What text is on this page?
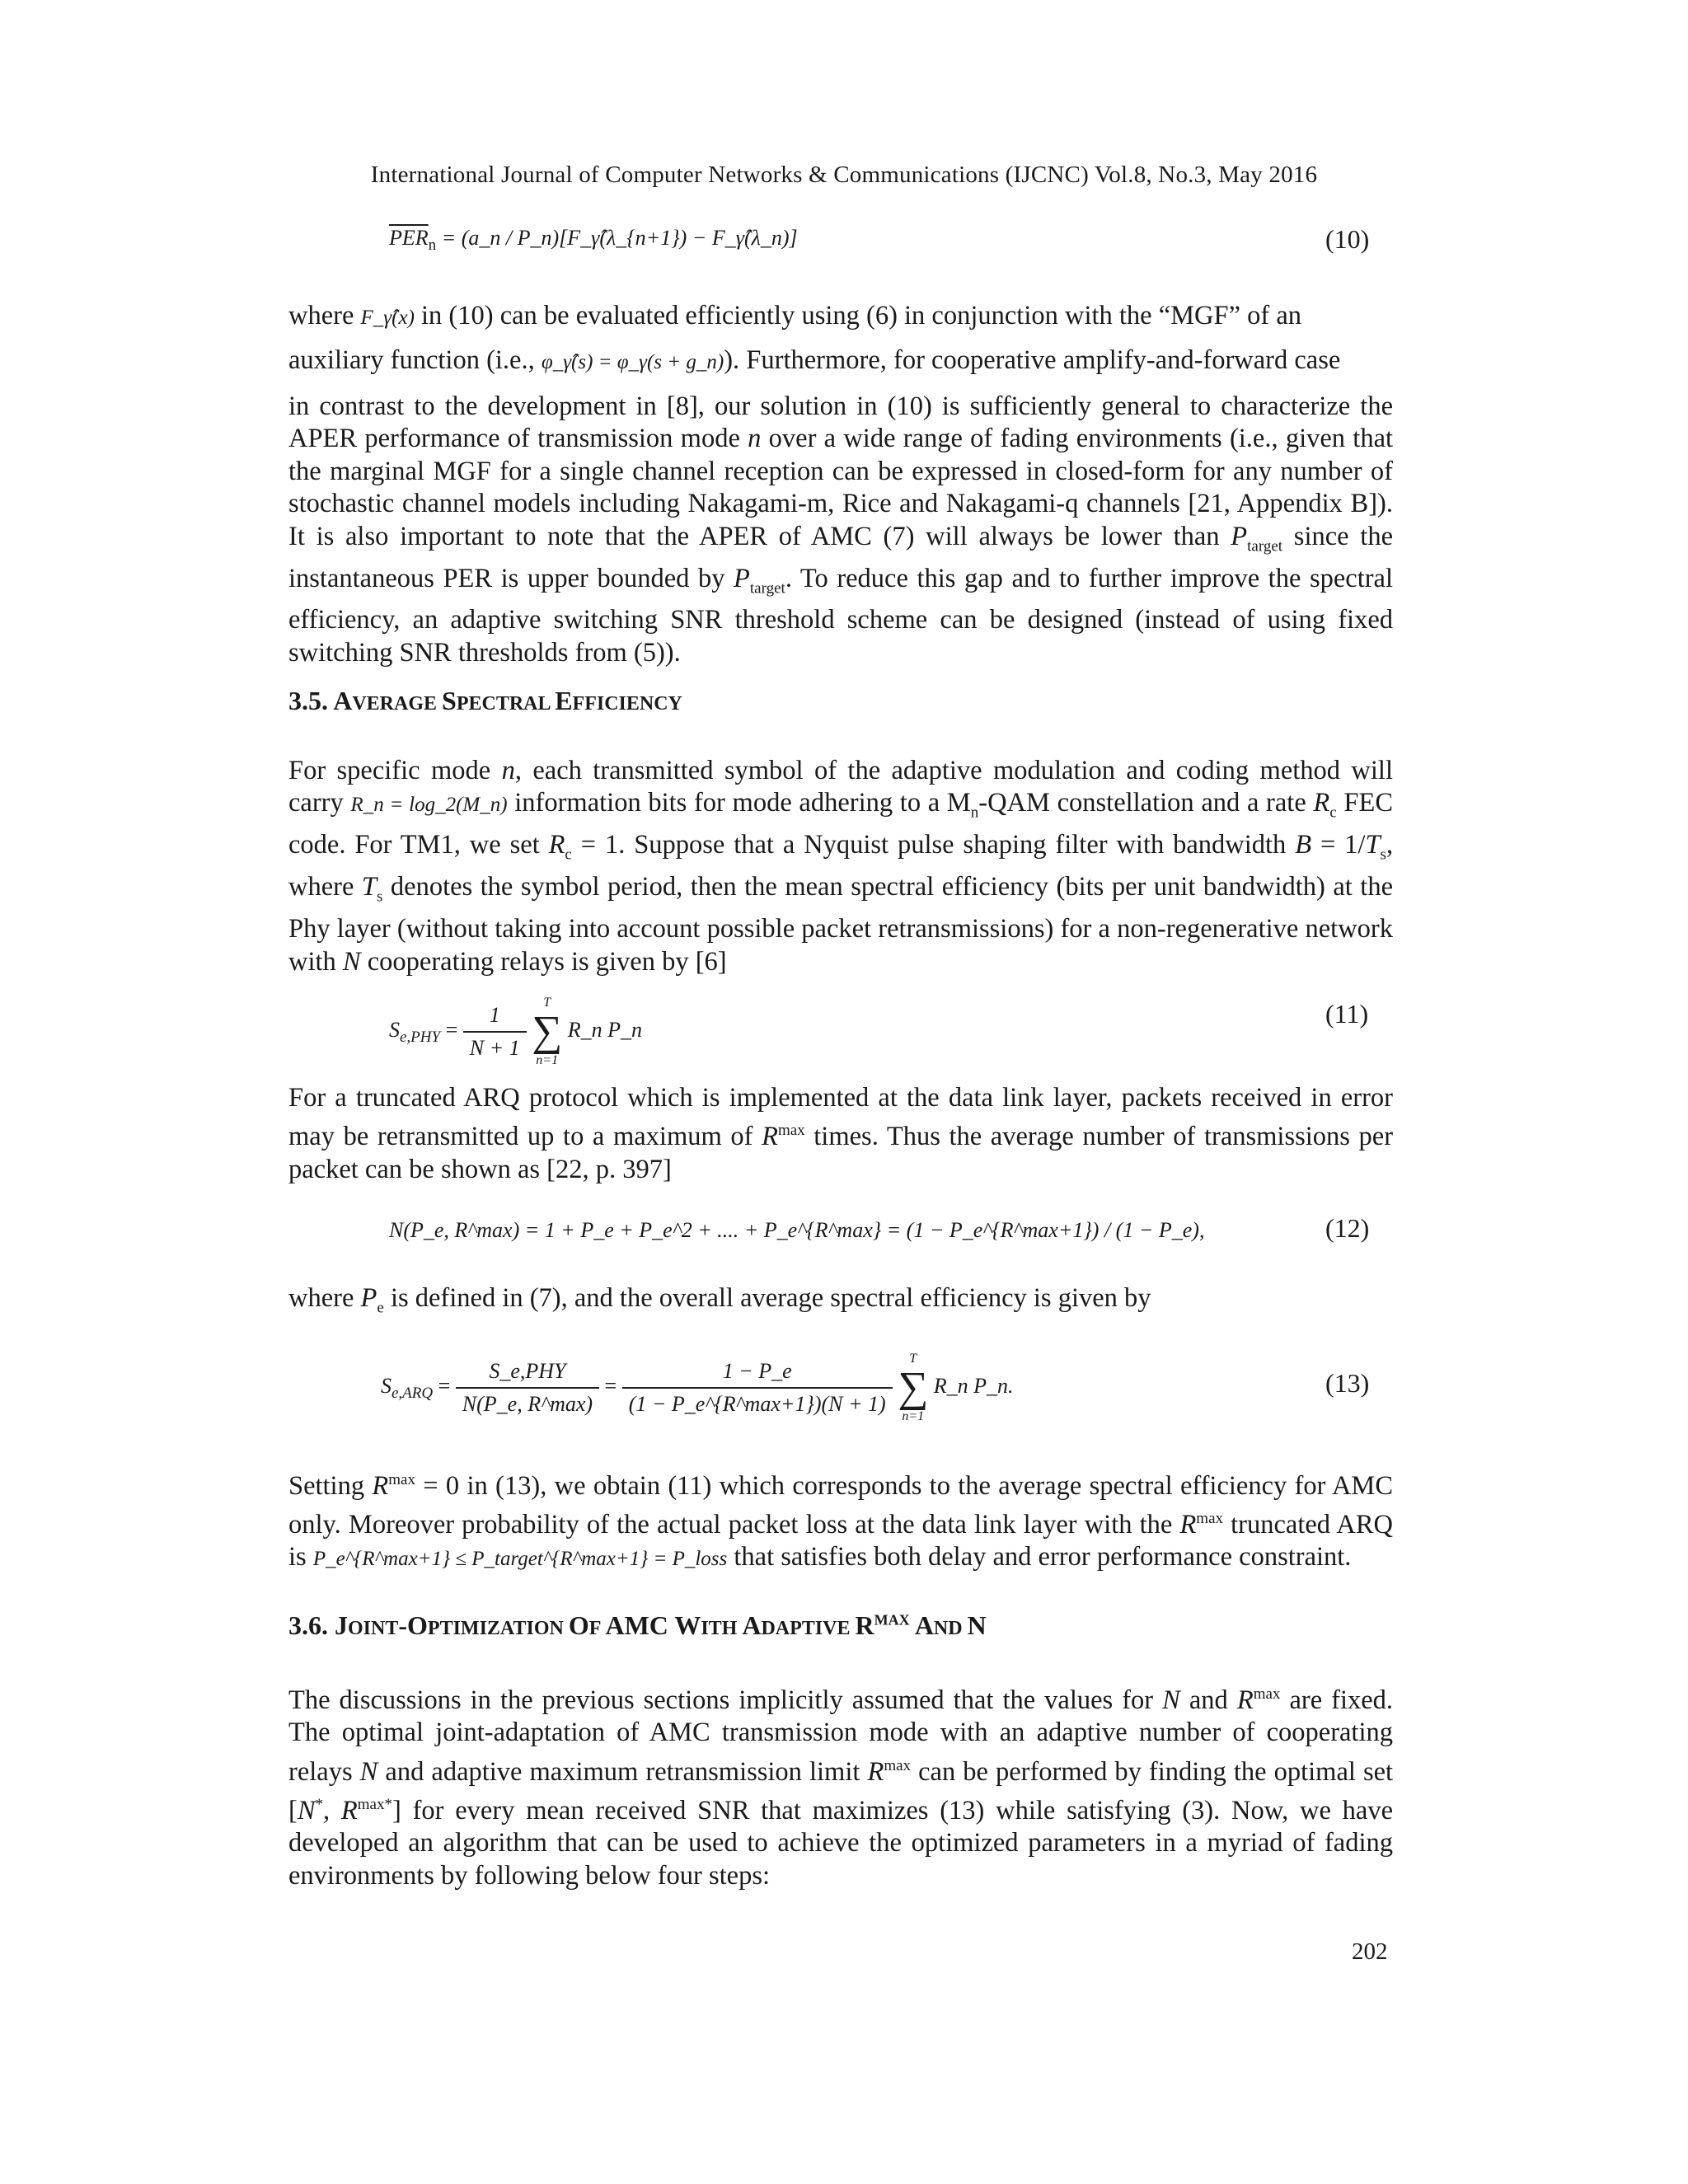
International Journal of Computer Networks & Communications (IJCNC) Vol.8, No.3, May 2016
$\overline{PER}_n$ = (a_n / P_n)[F_γ̂(λ_{n+1}) − F_γ̂(λ_n)]	(10)
where F_γ̂(x) in (10) can be evaluated efficiently using (6) in conjunction with the “MGF” of an
auxiliary function (i.e., φ_γ̂(s) = φ_γ(s + g_n)). Furthermore, for cooperative amplify-and-forward case
in contrast to the development in [8], our solution in (10) is sufficiently general to characterize the APER performance of transmission mode n over a wide range of fading environments (i.e., given that the marginal MGF for a single channel reception can be expressed in closed-form for any number of stochastic channel models including Nakagami-m, Rice and Nakagami-q channels [21, Appendix B]). It is also important to note that the APER of AMC (7) will always be lower than $P_{target}$ since the instantaneous PER is upper bounded by $P_{target}$. To reduce this gap and to further improve the spectral efficiency, an adaptive switching SNR threshold scheme can be designed (instead of using fixed switching SNR thresholds from (5)).
3.5. AVERAGE SPECTRAL EFFICIENCY
For specific mode n, each transmitted symbol of the adaptive modulation and coding method will carry R_n = log_2(M_n) information bits for mode adhering to a $M_n$-QAM constellation and a rate $R_c$ FEC code. For TM1, we set $R_c = 1$. Suppose that a Nyquist pulse shaping filter with bandwidth $B = 1/T_s$, where $T_s$ denotes the symbol period, then the mean spectral efficiency (bits per unit bandwidth) at the Phy layer (without taking into account possible packet retransmissions) for a non-regenerative network with N cooperating relays is given by [6]
$S_{e,PHY} = \frac{1}{N + 1}$

T
∑
n=1
R_n P_n
(11)
For a truncated ARQ protocol which is implemented at the data link layer, packets received in error may be retransmitted up to a maximum of $R^{max}$ times. Thus the average number of transmissions per packet can be shown as [22, p. 397]
N(P_e, R^max) = 1 + P_e + P_e^2 + .... + P_e^{R^max} = (1 − P_e^{R^max+1}) / (1 − P_e),	(12)
where $P_e$ is defined in (7), and the overall average spectral efficiency is given by
$S_{e,ARQ} = \frac{\text{S\_e,PHY}}{N(P\_e, R\^{}\max)} = \frac{1 - P\_e}{(1 - P\_e\^{}\{R\^{}\max+1\})(N + 1)}$

T
∑
n=1
R_n P_n.	(13)
Setting $R^{max} = 0$ in (13), we obtain (11) which corresponds to the average spectral efficiency for AMC only. Moreover probability of the actual packet loss at the data link layer with the $R^{max}$ truncated ARQ is P_e^{R^max+1} ≤ P_target^{R^max+1} = P_loss that satisfies both delay and error performance constraint.
3.6. JOINT-OPTIMIZATION OF AMC WITH ADAPTIVE $R^{MAX}$ AND N
The discussions in the previous sections implicitly assumed that the values for N and $R^{max}$ are fixed. The optimal joint-adaptation of AMC transmission mode with an adaptive number of cooperating relays N and adaptive maximum retransmission limit $R^{max}$ can be performed by finding the optimal set [N*, $R^{max*}$] for every mean received SNR that maximizes (13) while satisfying (3). Now, we have developed an algorithm that can be used to achieve the optimized parameters in a myriad of fading environments by following below four steps:
202
